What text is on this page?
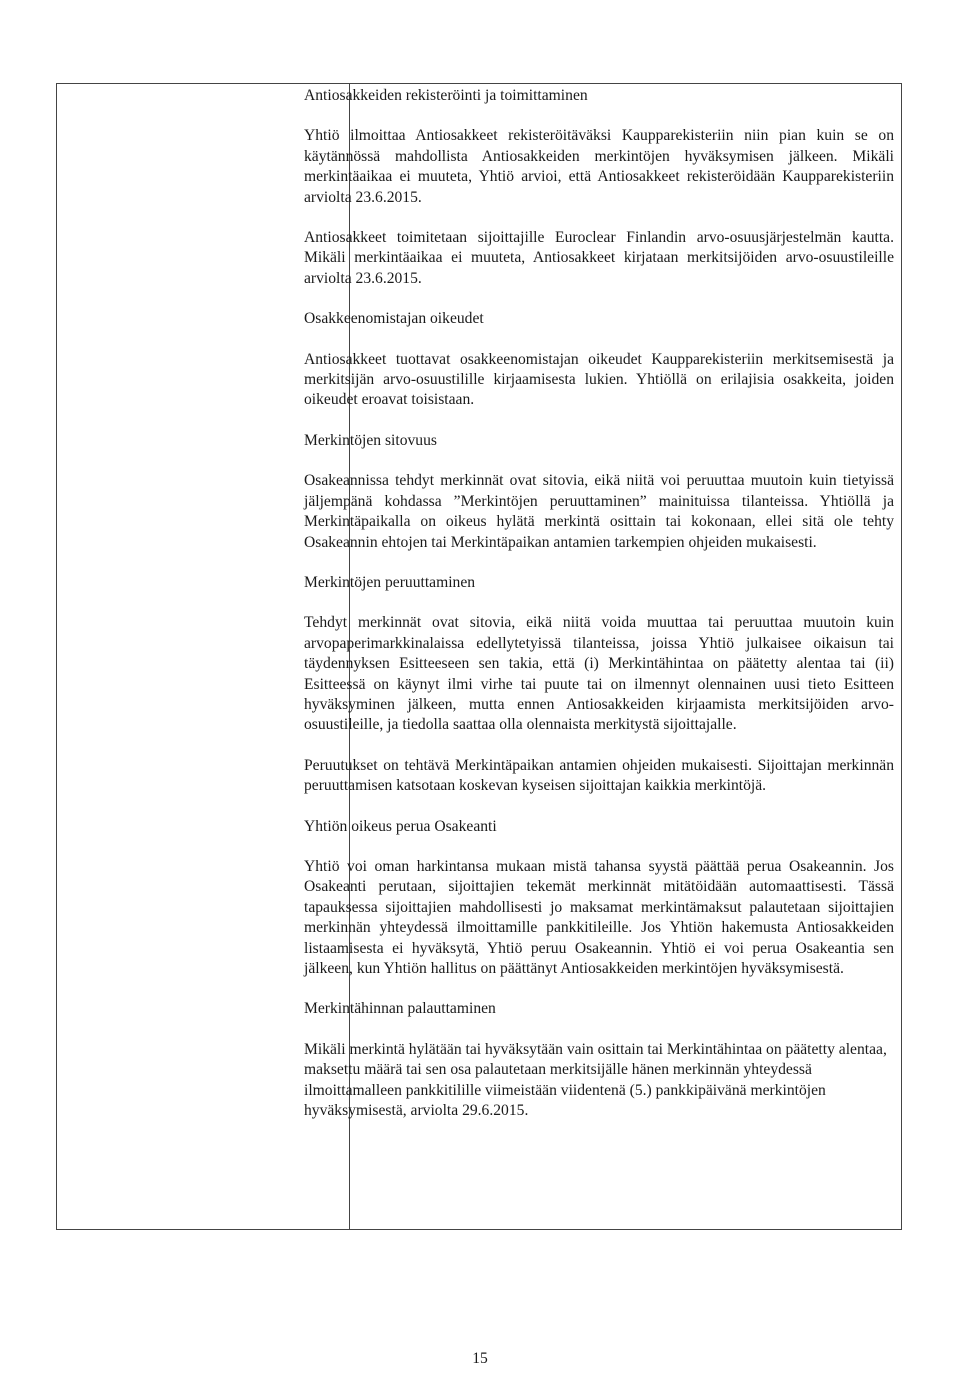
Antiosakkeiden rekisteröinti ja toimittaminen

Yhtiö ilmoittaa Antiosakkeet rekisteröitäväksi Kaupparekisteriin niin pian kuin se on käytännössä mahdollista Antiosakkeiden merkintöjen hyväksymisen jälkeen. Mikäli merkintäaikaa ei muuteta, Yhtiö arvioi, että Antiosakkeet rekisteröidään Kaupparekisteriin arviolta 23.6.2015.

Antiosakkeet toimitetaan sijoittajille Euroclear Finlandin arvo-osuusjärjestelmän kautta. Mikäli merkintäaikaa ei muuteta, Antiosakkeet kirjataan merkitsijöiden arvo-osuustileille arviolta 23.6.2015.

Osakkeenomistajan oikeudet

Antiosakkeet tuottavat osakkeenomistajan oikeudet Kaupparekisteriin merkitsemisestä ja merkitsijän arvo-osuustilille kirjaamisesta lukien. Yhtiöllä on erilajisia osakkeita, joiden oikeudet eroavat toisistaan.

Merkintöjen sitovuus

Osakeannissa tehdyt merkinnät ovat sitovia, eikä niitä voi peruuttaa muutoin kuin tietyissä jäljempänä kohdassa ”Merkintöjen peruuttaminen” mainituissa tilanteissa. Yhtiöllä ja Merkintäpaikalla on oikeus hylätä merkintä osittain tai kokonaan, ellei sitä ole tehty Osakeannin ehtojen tai Merkintäpaikan antamien tarkempien ohjeiden mukaisesti.

Merkintöjen peruuttaminen

Tehdyt merkinnät ovat sitovia, eikä niitä voida muuttaa tai peruuttaa muutoin kuin arvopaperimarkkinalaissa edellytetyissä tilanteissa, joissa Yhtiö julkaisee oikaisun tai täydennyksen Esitteeseen sen takia, että (i) Merkintähintaa on päätetty alentaa tai (ii) Esitteessä on käynyt ilmi virhe tai puute tai on ilmennyt olennainen uusi tieto Esitteen hyväksyminen jälkeen, mutta ennen Antiosakkeiden kirjaamista merkitsijöiden arvo-osuustileille, ja tiedolla saattaa olla olennaista merkitystä sijoittajalle.

Peruutukset on tehtävä Merkintäpaikan antamien ohjeiden mukaisesti. Sijoittajan merkinnän peruuttamisen katsotaan koskevan kyseisen sijoittajan kaikkia merkintöjä.

Yhtiön oikeus perua Osakeanti

Yhtiö voi oman harkintansa mukaan mistä tahansa syystä päättää perua Osakeannin. Jos Osakeanti perutaan, sijoittajien tekemät merkinnät mitätöidään automaattisesti. Tässä tapauksessa sijoittajien mahdollisesti jo maksamat merkintämaksut palautetaan sijoittajien merkinnän yhteydessä ilmoittamille pankkitileille. Jos Yhtiön hakemusta Antiosakkeiden listaamisesta ei hyväksytä, Yhtiö peruu Osakeannin. Yhtiö ei voi perua Osakeantia sen jälkeen, kun Yhtiön hallitus on päättänyt Antiosakkeiden merkintöjen hyväksymisestä.

Merkintähinnan palauttaminen

Mikäli merkintä hylätään tai hyväksytään vain osittain tai Merkintähintaa on päätetty alentaa, maksettu määrä tai sen osa palautetaan merkitsijälle hänen merkinnän yhteydessä ilmoittamalleen pankkitilille viimeistään viidentenä (5.) pankkipäivänä merkintöjen hyväksymisestä, arviolta 29.6.2015.

15
